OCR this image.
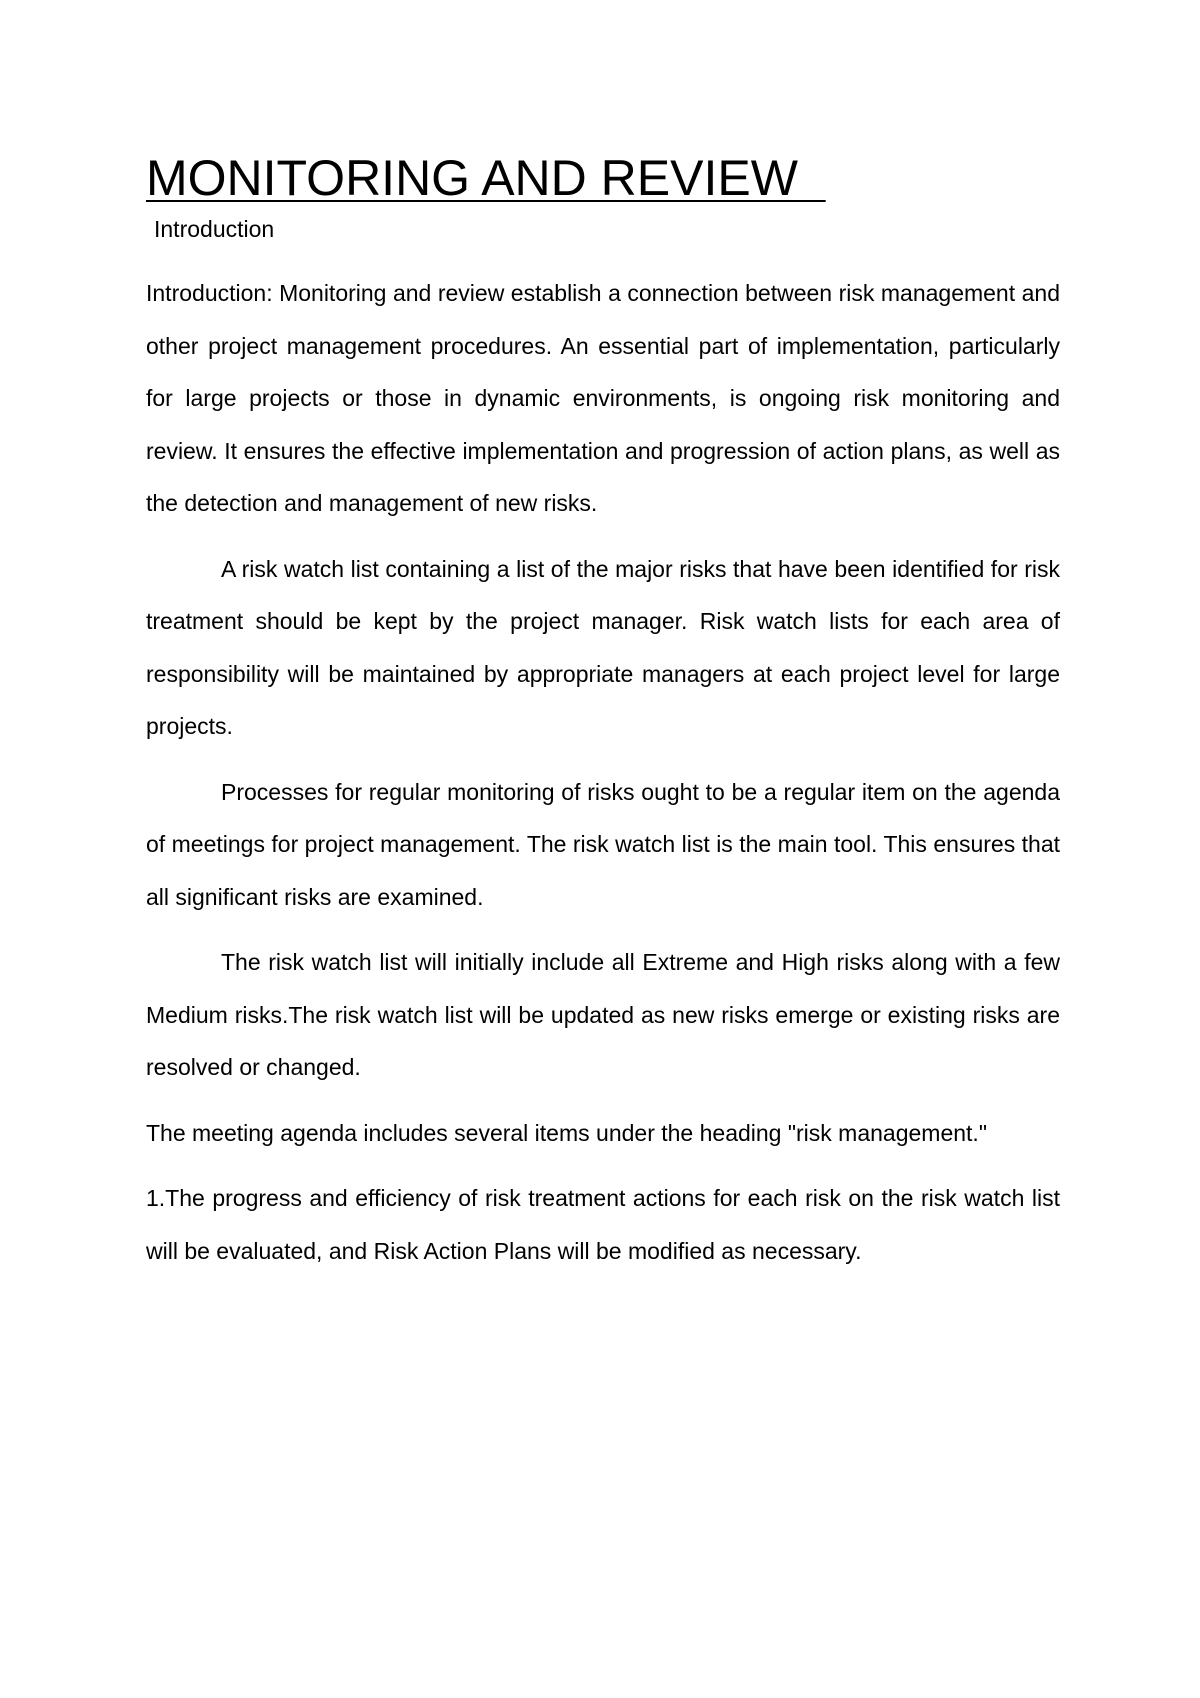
MONITORING AND REVIEW
Introduction

Introduction: Monitoring and review establish a connection between risk management and other project management procedures. An essential part of implementation, particularly for large projects or those in dynamic environments, is ongoing risk monitoring and review. It ensures the effective implementation and progression of action plans, as well as the detection and management of new risks.

A risk watch list containing a list of the major risks that have been identified for risk treatment should be kept by the project manager. Risk watch lists for each area of responsibility will be maintained by appropriate managers at each project level for large projects.

Processes for regular monitoring of risks ought to be a regular item on the agenda of meetings for project management. The risk watch list is the main tool. This ensures that all significant risks are examined.

The risk watch list will initially include all Extreme and High risks along with a few Medium risks.The risk watch list will be updated as new risks emerge or existing risks are resolved or changed.

The meeting agenda includes several items under the heading "risk management."

1.The progress and efficiency of risk treatment actions for each risk on the risk watch list will be evaluated, and Risk Action Plans will be modified as necessary.
